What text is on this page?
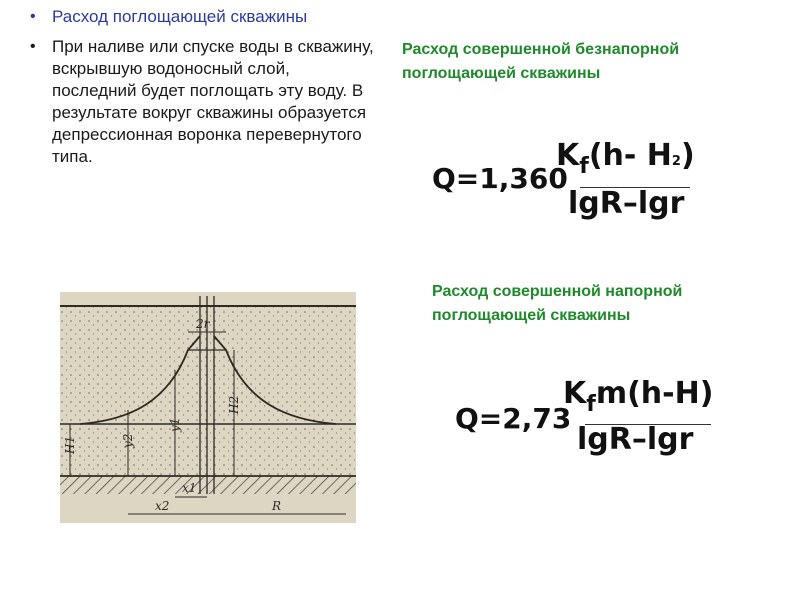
• Расход поглощающей скважины
• При наливе или спуске воды в скважину, вскрывшую водоносный слой, последний будет поглощать эту воду. В результате вокруг скважины образуется депрессионная воронка перевернутого типа.
Расход совершенной безнапорной поглощающей скважины
Q=1,360
$K_f(h-$ H2)
lgR–lgr
Расход совершенной напорной поглощающей скважины
Q=2,73
$K_fm(h-H)$
lgR–lgr
2r
H1	y2
y1
H2
x1
x2	R
